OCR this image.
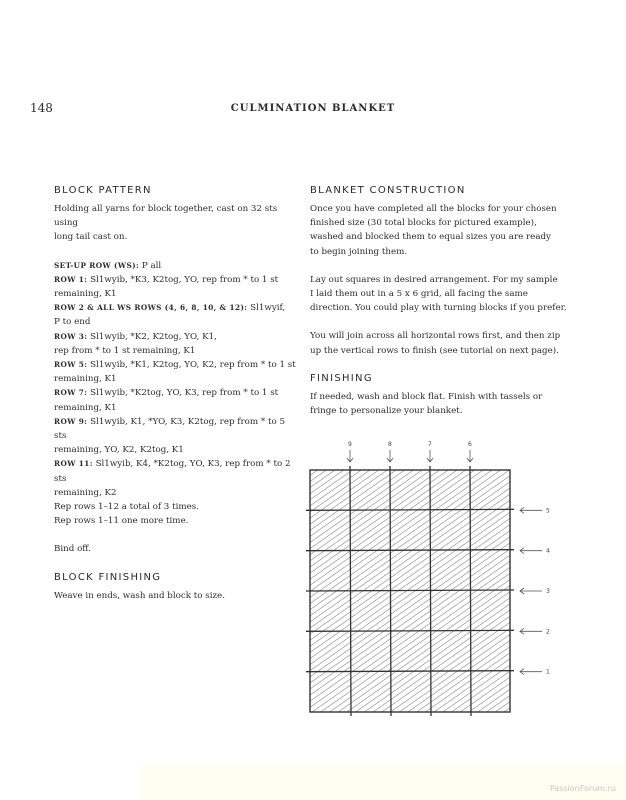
148	CULMINATION BLANKET
BLOCK PATTERN

Holding all yarns for block together, cast on 32 sts using

long tail cast on.

SET-UP ROW (WS): P all

ROW 1: Sl1wyib, *K3, K2tog, YO, rep from * to 1 st

remaining, K1

ROW 2 & ALL WS ROWS (4, 6, 8, 10, & 12): Sl1wyif,

P to end

ROW 3: Sl1wyib, *K2, K2tog, YO, K1,

rep from * to 1 st remaining, K1

ROW 5: Sl1wyib, *K1, K2tog, YO, K2, rep from * to 1 st

remaining, K1

ROW 7: Sl1wyib, *K2tog, YO, K3, rep from * to 1 st

remaining, K1

ROW 9: Sl1wyib, K1, *YO, K3, K2tog, rep from * to 5 sts

remaining, YO, K2, K2tog, K1

ROW 11: Sl1wyib, K4, *K2tog, YO, K3, rep from * to 2 sts

remaining, K2

Rep rows 1–12 a total of 3 times.

Rep rows 1–11 one more time.

Bind off.

BLOCK FINISHING

Weave in ends, wash and block to size.

BLANKET CONSTRUCTION

Once you have completed all the blocks for your chosen

finished size (30 total blocks for pictured example),

washed and blocked them to equal sizes you are ready

to begin joining them.

Lay out squares in desired arrangement. For my sample

I laid them out in a 5 x 6 grid, all facing the same

direction. You could play with turning blocks if you prefer.

You will join across all horizontal rows first, and then zip

up the vertical rows to finish (see tutorial on next page).

FINISHING

If needed, wash and block flat. Finish with tassels or

fringe to personalize your blanket.

9	8	7	6
5
4
3
2
1
PassionForum.ru
